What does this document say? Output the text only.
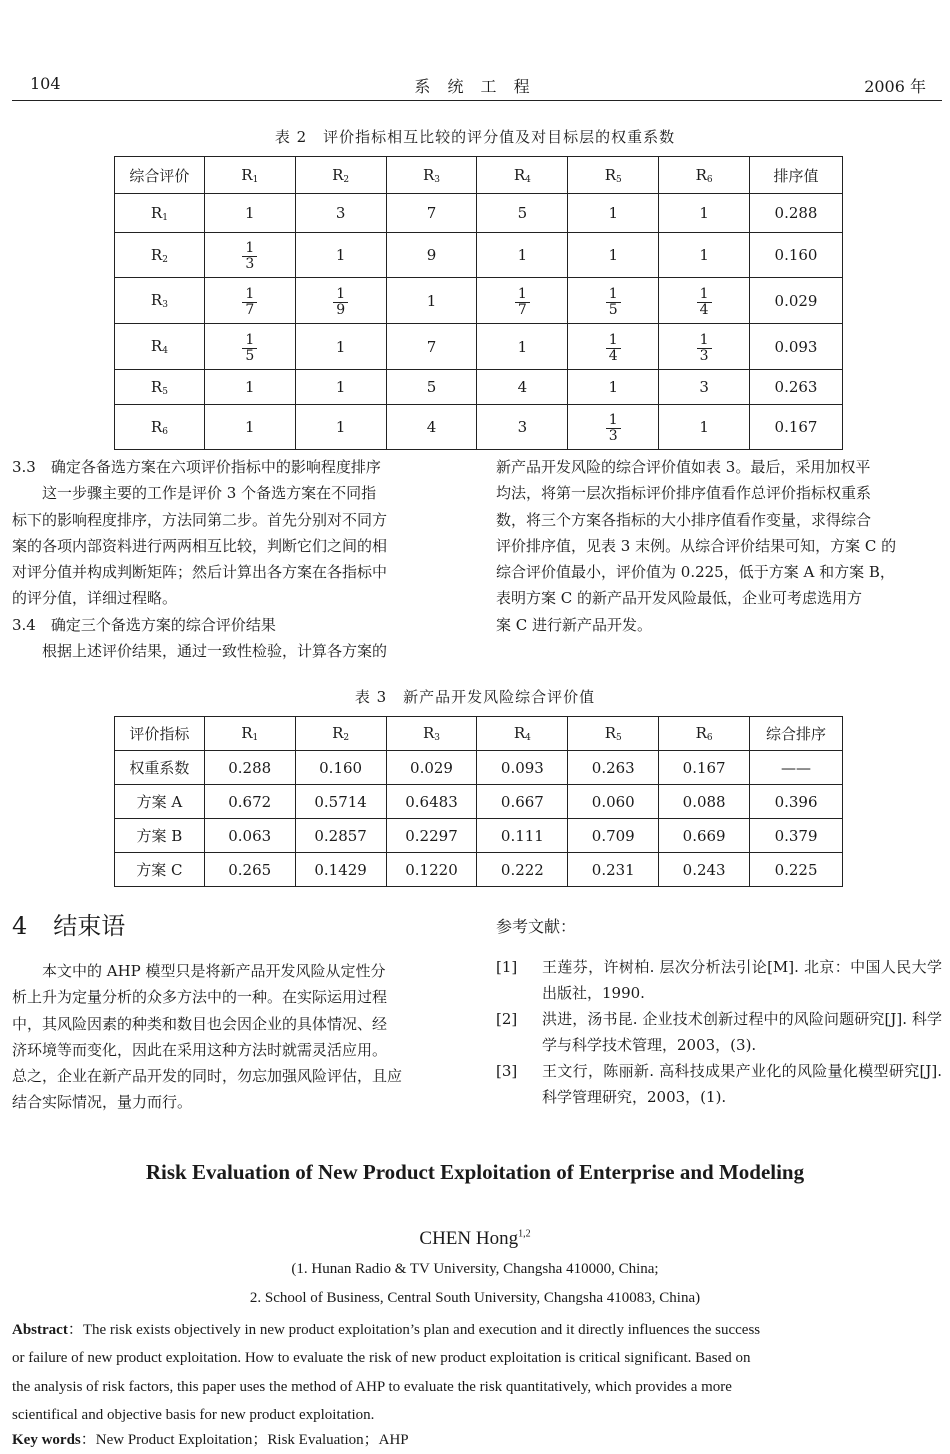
104	系 统 工 程	2006 年
表 2　评价指标相互比较的评分值及对目标层的权重系数
综合评价	$R_1$	$R_2$	$R_3$	$R_4$	$R_5$	$R_6$	排序值
$R_1$	1	3	7	5	1	1	0.288
$R_2$	$\frac{1}{3}$	1	9	1	1	1	0.160
$R_3$	$\frac{1}{7}$	$\frac{1}{9}$	1	$\frac{1}{7}$	$\frac{1}{5}$	$\frac{1}{4}$	0.029
$R_4$	$\frac{1}{5}$	1	7	1	$\frac{1}{4}$	$\frac{1}{3}$	0.093
$R_5$	1	1	5	4	1	3	0.263
$R_6$	1	1	4	3	$\frac{1}{3}$	1	0.167

3.3　确定各备选方案在六项评价指标中的影响程度排序

　　这一步骤主要的工作是评价 3 个备选方案在不同指
标下的影响程度排序，方法同第二步。首先分别对不同方
案的各项内部资料进行两两相互比较，判断它们之间的相
对评分值并构成判断矩阵；然后计算出各方案在各指标中
的评分值，详细过程略。

3.4　确定三个备选方案的综合评价结果

　　根据上述评价结果，通过一致性检验，计算各方案的

新产品开发风险的综合评价值如表 3。最后，采用加权平
均法，将第一层次指标评价排序值看作总评价指标权重系
数，将三个方案各指标的大小排序值看作变量，求得综合
评价排序值，见表 3 末例。从综合评价结果可知，方案 C 的
综合评价值最小，评价值为 0.225，低于方案 A 和方案 B，
表明方案 C 的新产品开发风险最低，企业可考虑选用方
案 C 进行新产品开发。
表 3　新产品开发风险综合评价值
评价指标	$R_1$	$R_2$	$R_3$	$R_4$	$R_5$	$R_6$	综合排序
权重系数	0.288	0.160	0.029	0.093	0.263	0.167	——
方案 A	0.672	0.5714	0.6483	0.667	0.060	0.088	0.396
方案 B	0.063	0.2857	0.2297	0.111	0.709	0.669	0.379
方案 C	0.265	0.1429	0.1220	0.222	0.231	0.243	0.225
4 结束语
　　本文中的 AHP 模型只是将新产品开发风险从定性分
析上升为定量分析的众多方法中的一种。在实际运用过程
中，其风险因素的种类和数目也会因企业的具体情况、经
济环境等而变化，因此在采用这种方法时就需灵活应用。
总之，企业在新产品开发的同时，勿忘加强风险评估，且应
结合实际情况，量力而行。
参考文献：
[1]	王莲芬，许树柏. 层次分析法引论[M]. 北京：中国人民大学出版社，1990.
[2]	洪进，汤书昆. 企业技术创新过程中的风险问题研究[J]. 科学学与科学技术管理，2003，(3).
[3]	王文行，陈丽新. 高科技成果产业化的风险量化模型研究[J]. 科学管理研究，2003，(1).
Risk Evaluation of New Product Exploitation of Enterprise and Modeling
CHEN Hong$^{1,2}$
(1. Hunan Radio & TV University, Changsha 410000, China;
2. School of Business, Central South University, Changsha 410083, China)
Abstract：The risk exists objectively in new product exploitation’s plan and execution and it directly influences the success
or failure of new product exploitation. How to evaluate the risk of new product exploitation is critical significant. Based on
the analysis of risk factors, this paper uses the method of AHP to evaluate the risk quantitatively, which provides a more
scientifical and objective basis for new product exploitation.
Key words：New Product Exploitation；Risk Evaluation；AHP
